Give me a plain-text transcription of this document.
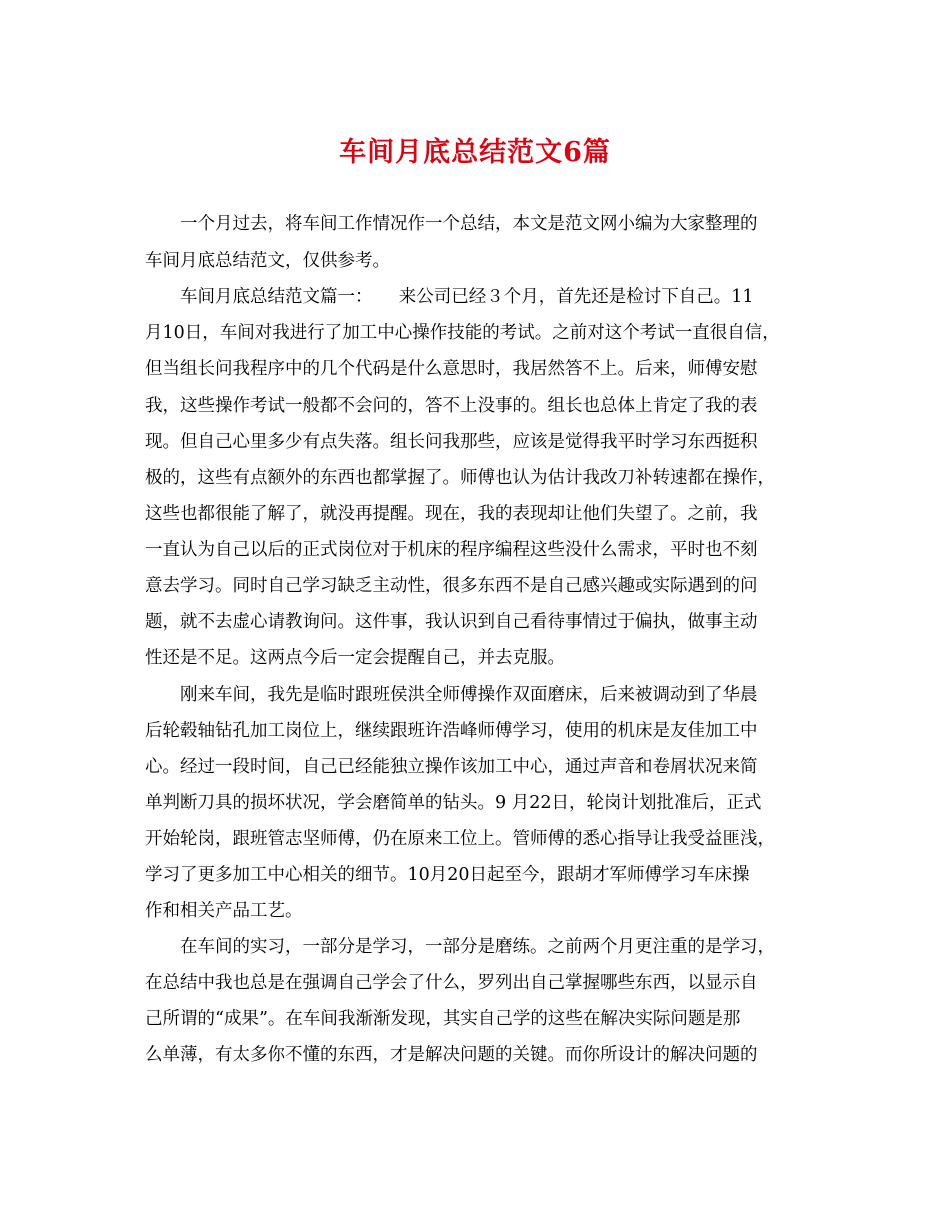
车间月底总结范文6篇
一个月过去，将车间工作情况作一个总结，本文是范文网小编为大家整理的
车间月底总结范文，仅供参考。
车间月底总结范文篇一：　　来公司已经３个月，首先还是检讨下自己。11
月10日，车间对我进行了加工中心操作技能的考试。之前对这个考试一直很自信，
但当组长问我程序中的几个代码是什么意思时，我居然答不上。后来，师傅安慰
我，这些操作考试一般都不会问的，答不上没事的。组长也总体上肯定了我的表
现。但自己心里多少有点失落。组长问我那些，应该是觉得我平时学习东西挺积
极的，这些有点额外的东西也都掌握了。师傅也认为估计我改刀补转速都在操作，
这些也都很能了解了，就没再提醒。现在，我的表现却让他们失望了。之前，我
一直认为自己以后的正式岗位对于机床的程序编程这些没什么需求，平时也不刻
意去学习。同时自己学习缺乏主动性，很多东西不是自己感兴趣或实际遇到的问
题，就不去虚心请教询问。这件事，我认识到自己看待事情过于偏执，做事主动
性还是不足。这两点今后一定会提醒自己，并去克服。
刚来车间，我先是临时跟班侯洪全师傅操作双面磨床，后来被调动到了华晨
后轮毂轴钻孔加工岗位上，继续跟班许浩峰师傅学习，使用的机床是友佳加工中
心。经过一段时间，自己已经能独立操作该加工中心，通过声音和卷屑状况来简
单判断刀具的损坏状况，学会磨简单的钻头。9 月22日，轮岗计划批准后，正式
开始轮岗，跟班管志坚师傅，仍在原来工位上。管师傅的悉心指导让我受益匪浅，
学习了更多加工中心相关的细节。10月20日起至今，跟胡才军师傅学习车床操
作和相关产品工艺。
在车间的实习，一部分是学习，一部分是磨练。之前两个月更注重的是学习，
在总结中我也总是在强调自己学会了什么，罗列出自己掌握哪些东西，以显示自
己所谓的“成果”。在车间我渐渐发现，其实自己学的这些在解决实际问题是那
么单薄，有太多你不懂的东西，才是解决问题的关键。而你所设计的解决问题的
